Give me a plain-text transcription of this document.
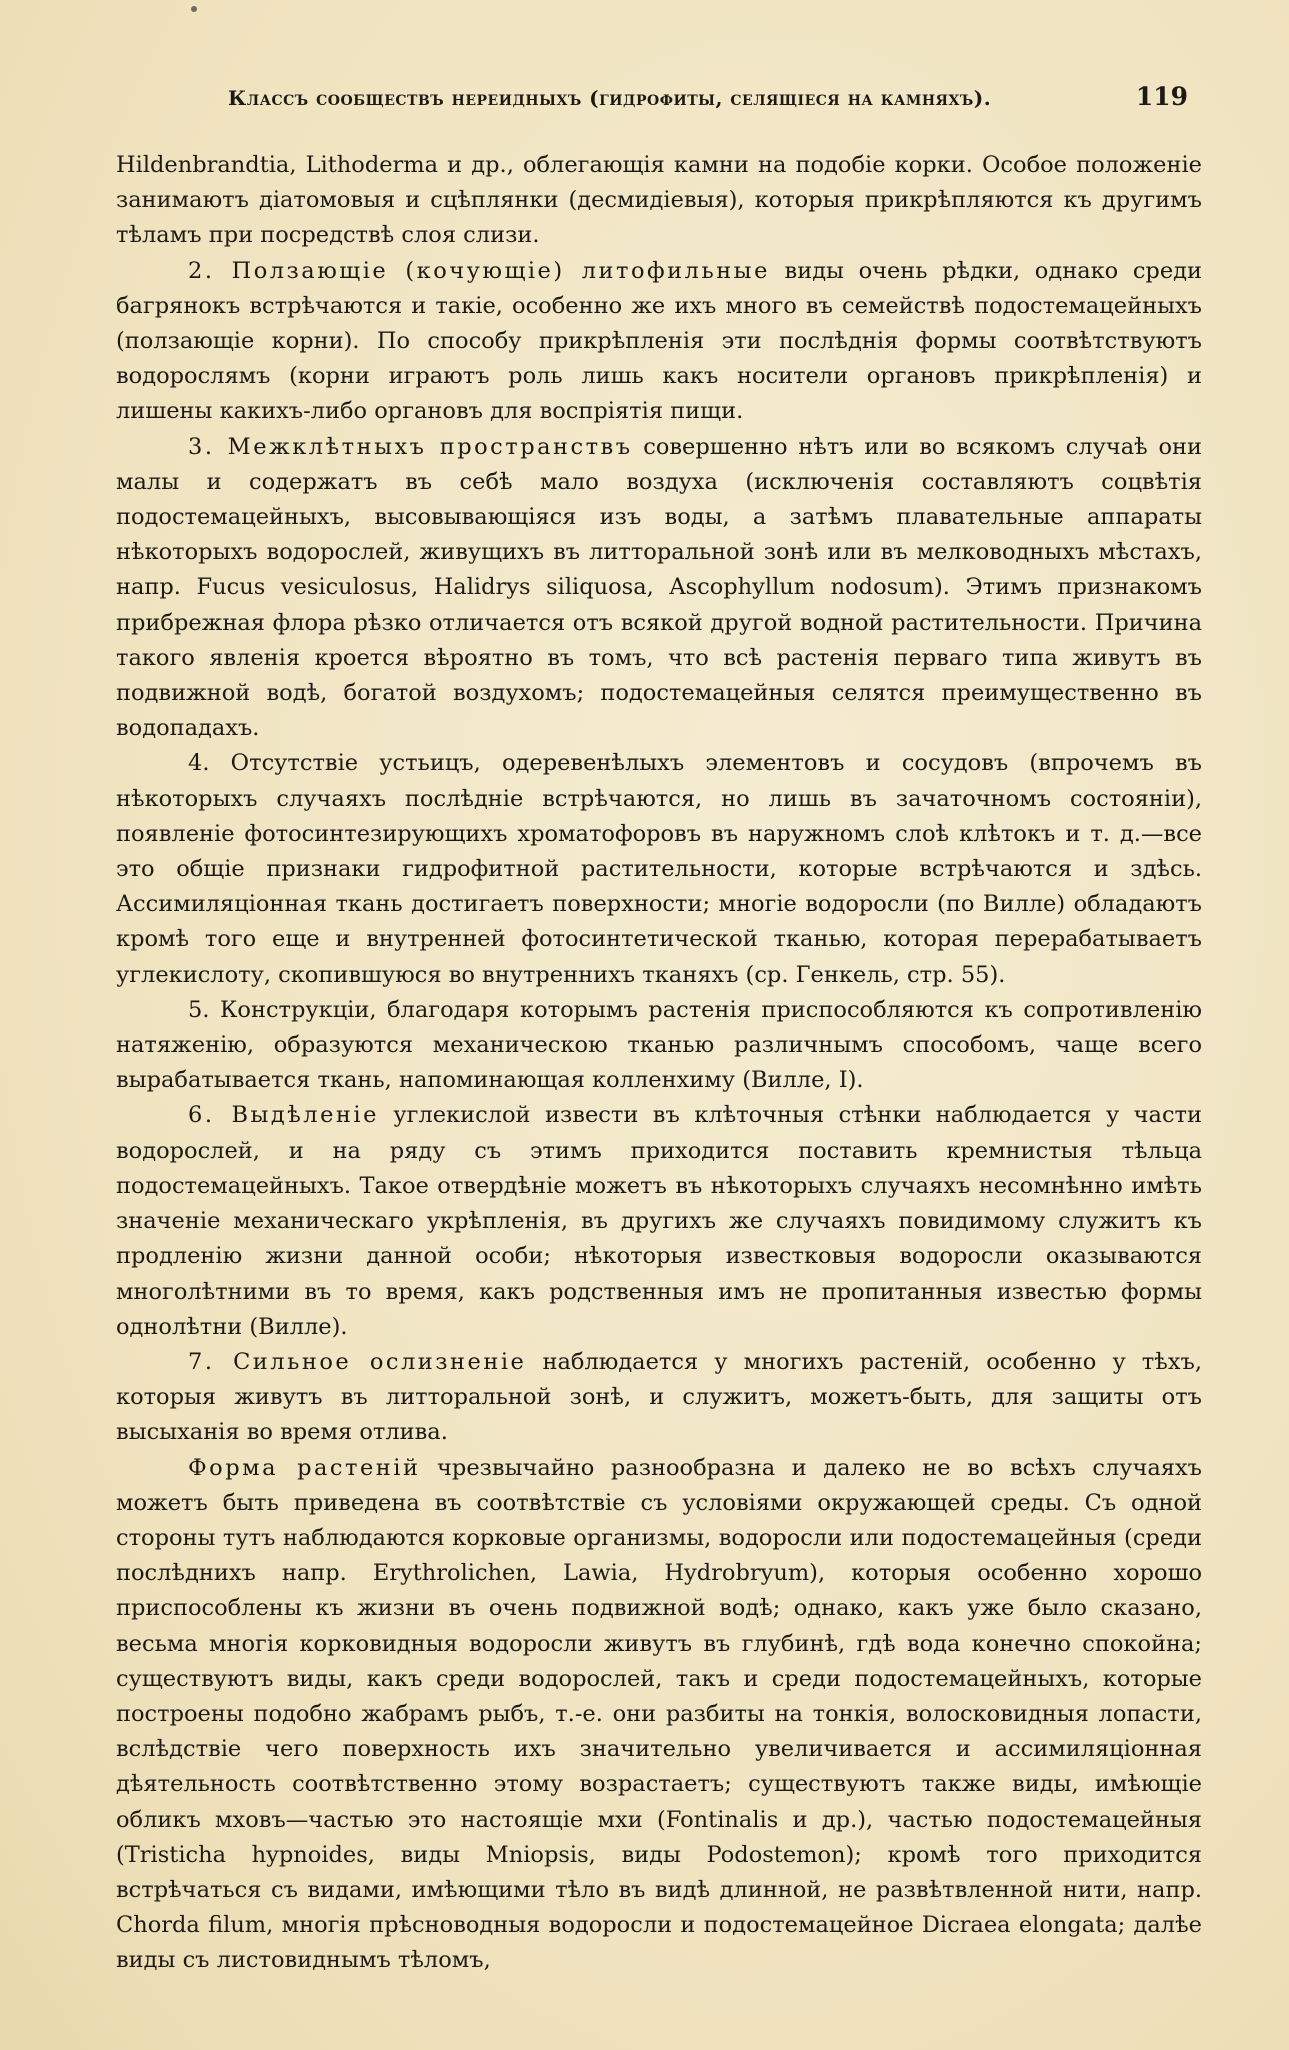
Классъ сообществъ нереидныхъ (гидрофиты, селящіеся на камняхъ).	119

Hildenbrandtia, Lithoderma и др., облегающія камни на подобіе корки. Особое положеніе занимаютъ діатомовыя и сцѣплянки (десмидіевыя), которыя прикрѣпляются къ другимъ тѣламъ при посредствѣ слоя слизи.

2. Ползающіе (кочующіе) литофильные виды очень рѣдки, однако среди багрянокъ встрѣчаются и такіе, особенно же ихъ много въ семействѣ подостемацейныхъ (ползающіе корни). По способу прикрѣпленія эти послѣднія формы соотвѣтствуютъ водорослямъ (корни играютъ роль лишь какъ носители органовъ прикрѣпленія) и лишены какихъ-либо органовъ для воспріятія пищи.

3. Межклѣтныхъ пространствъ совершенно нѣтъ или во всякомъ случаѣ они малы и содержатъ въ себѣ мало воздуха (исключенія составляютъ соцвѣтія подостемацейныхъ, высовывающіяся изъ воды, а затѣмъ плавательные аппараты нѣкоторыхъ водорослей, живущихъ въ литторальной зонѣ или въ мелководныхъ мѣстахъ, напр. Fucus vesiculosus, Halidrys siliquosa, Ascophyllum nodosum). Этимъ признакомъ прибрежная флора рѣзко отличается отъ всякой другой водной растительности. Причина такого явленія кроется вѣроятно въ томъ, что всѣ растенія перваго типа живутъ въ подвижной водѣ, богатой воздухомъ; подостемацейныя селятся преимущественно въ водопадахъ.

4. Отсутствіе устьицъ, одеревенѣлыхъ элементовъ и сосудовъ (впрочемъ въ нѣкоторыхъ случаяхъ послѣдніе встрѣчаются, но лишь въ зачаточномъ состояніи), появленіе фотосинтезирующихъ хроматофоровъ въ наружномъ слоѣ клѣтокъ и т. д.—все это общіе признаки гидрофитной растительности, которые встрѣчаются и здѣсь. Ассимиляціонная ткань достигаетъ поверхности; многіе водоросли (по Вилле) обладаютъ кромѣ того еще и внутренней фотосинтетической тканью, которая перерабатываетъ углекислоту, скопившуюся во внутреннихъ тканяхъ (ср. Генкель, стр. 55).

5. Конструкціи, благодаря которымъ растенія приспособляются къ сопротивленію натяженію, образуются механическою тканью различнымъ способомъ, чаще всего вырабатывается ткань, напоминающая колленхиму (Вилле, I).

6. Выдѣленіе углекислой извести въ клѣточныя стѣнки наблюдается у части водорослей, и на ряду съ этимъ приходится поставить кремнистыя тѣльца подостемацейныхъ. Такое отвердѣніе можетъ въ нѣкоторыхъ случаяхъ несомнѣнно имѣть значеніе механическаго укрѣпленія, въ другихъ же случаяхъ повидимому служитъ къ продленію жизни данной особи; нѣкоторыя известковыя водоросли оказываются многолѣтними въ то время, какъ родственныя имъ не пропитанныя известью формы однолѣтни (Вилле).

7. Сильное ослизненіе наблюдается у многихъ растеній, особенно у тѣхъ, которыя живутъ въ литторальной зонѣ, и служитъ, можетъ-быть, для защиты отъ высыханія во время отлива.

Форма растеній чрезвычайно разнообразна и далеко не во всѣхъ случаяхъ можетъ быть приведена въ соотвѣтствіе съ условіями окружающей среды. Съ одной стороны тутъ наблюдаются корковые организмы, водоросли или подостемацейныя (среди послѣднихъ напр. Erythrolichen, Lawia, Hydrobryum), которыя особенно хорошо приспособлены къ жизни въ очень подвижной водѣ; однако, какъ уже было сказано, весьма многія корковидныя водоросли живутъ въ глубинѣ, гдѣ вода конечно спокойна; существуютъ виды, какъ среди водорослей, такъ и среди подостемацейныхъ, которые построены подобно жабрамъ рыбъ, т.-е. они разбиты на тонкія, волосковидныя лопасти, вслѣдствіе чего поверхность ихъ значительно увеличивается и ассимиляціонная дѣятельность соотвѣтственно этому возрастаетъ; существуютъ также виды, имѣющіе обликъ мховъ—частью это настоящіе мхи (Fontinalis и др.), частью подостемацейныя (Tristicha hypnoides, виды Mniopsis, виды Podostemon); кромѣ того приходится встрѣчаться съ видами, имѣющими тѣло въ видѣ длинной, не развѣтвленной нити, напр. Chorda filum, многія прѣсноводныя водоросли и подостемацейное Dicraea elongata; далѣе виды съ листовиднымъ тѣломъ,
